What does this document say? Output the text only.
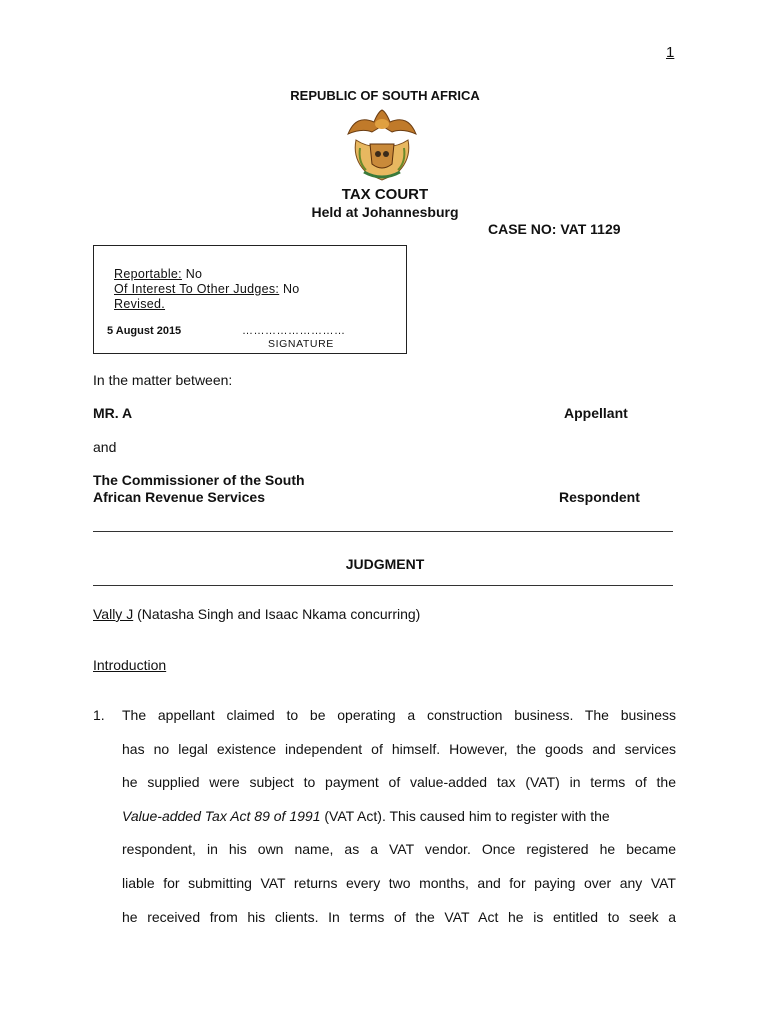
1
REPUBLIC OF SOUTH AFRICA
TAX COURT
Held at Johannesburg
CASE NO: VAT 1129
Reportable: No
Of Interest To Other Judges: No
Revised.
5 August 2015	………………………
SIGNATURE
In the matter between:
MR. A	Appellant
and
The Commissioner of the South
African Revenue Services	Respondent
JUDGMENT
Vally J (Natasha Singh and Isaac Nkama concurring)
Introduction
1. The appellant claimed to be operating a construction business. The business
has no legal existence independent of himself. However, the goods and services
he supplied were subject to payment of value-added tax (VAT) in terms of the
Value-added Tax Act 89 of 1991 (VAT Act). This caused him to register with the
respondent, in his own name, as a VAT vendor. Once registered he became
liable for submitting VAT returns every two months, and for paying over any VAT
he received from his clients. In terms of the VAT Act he is entitled to seek a
